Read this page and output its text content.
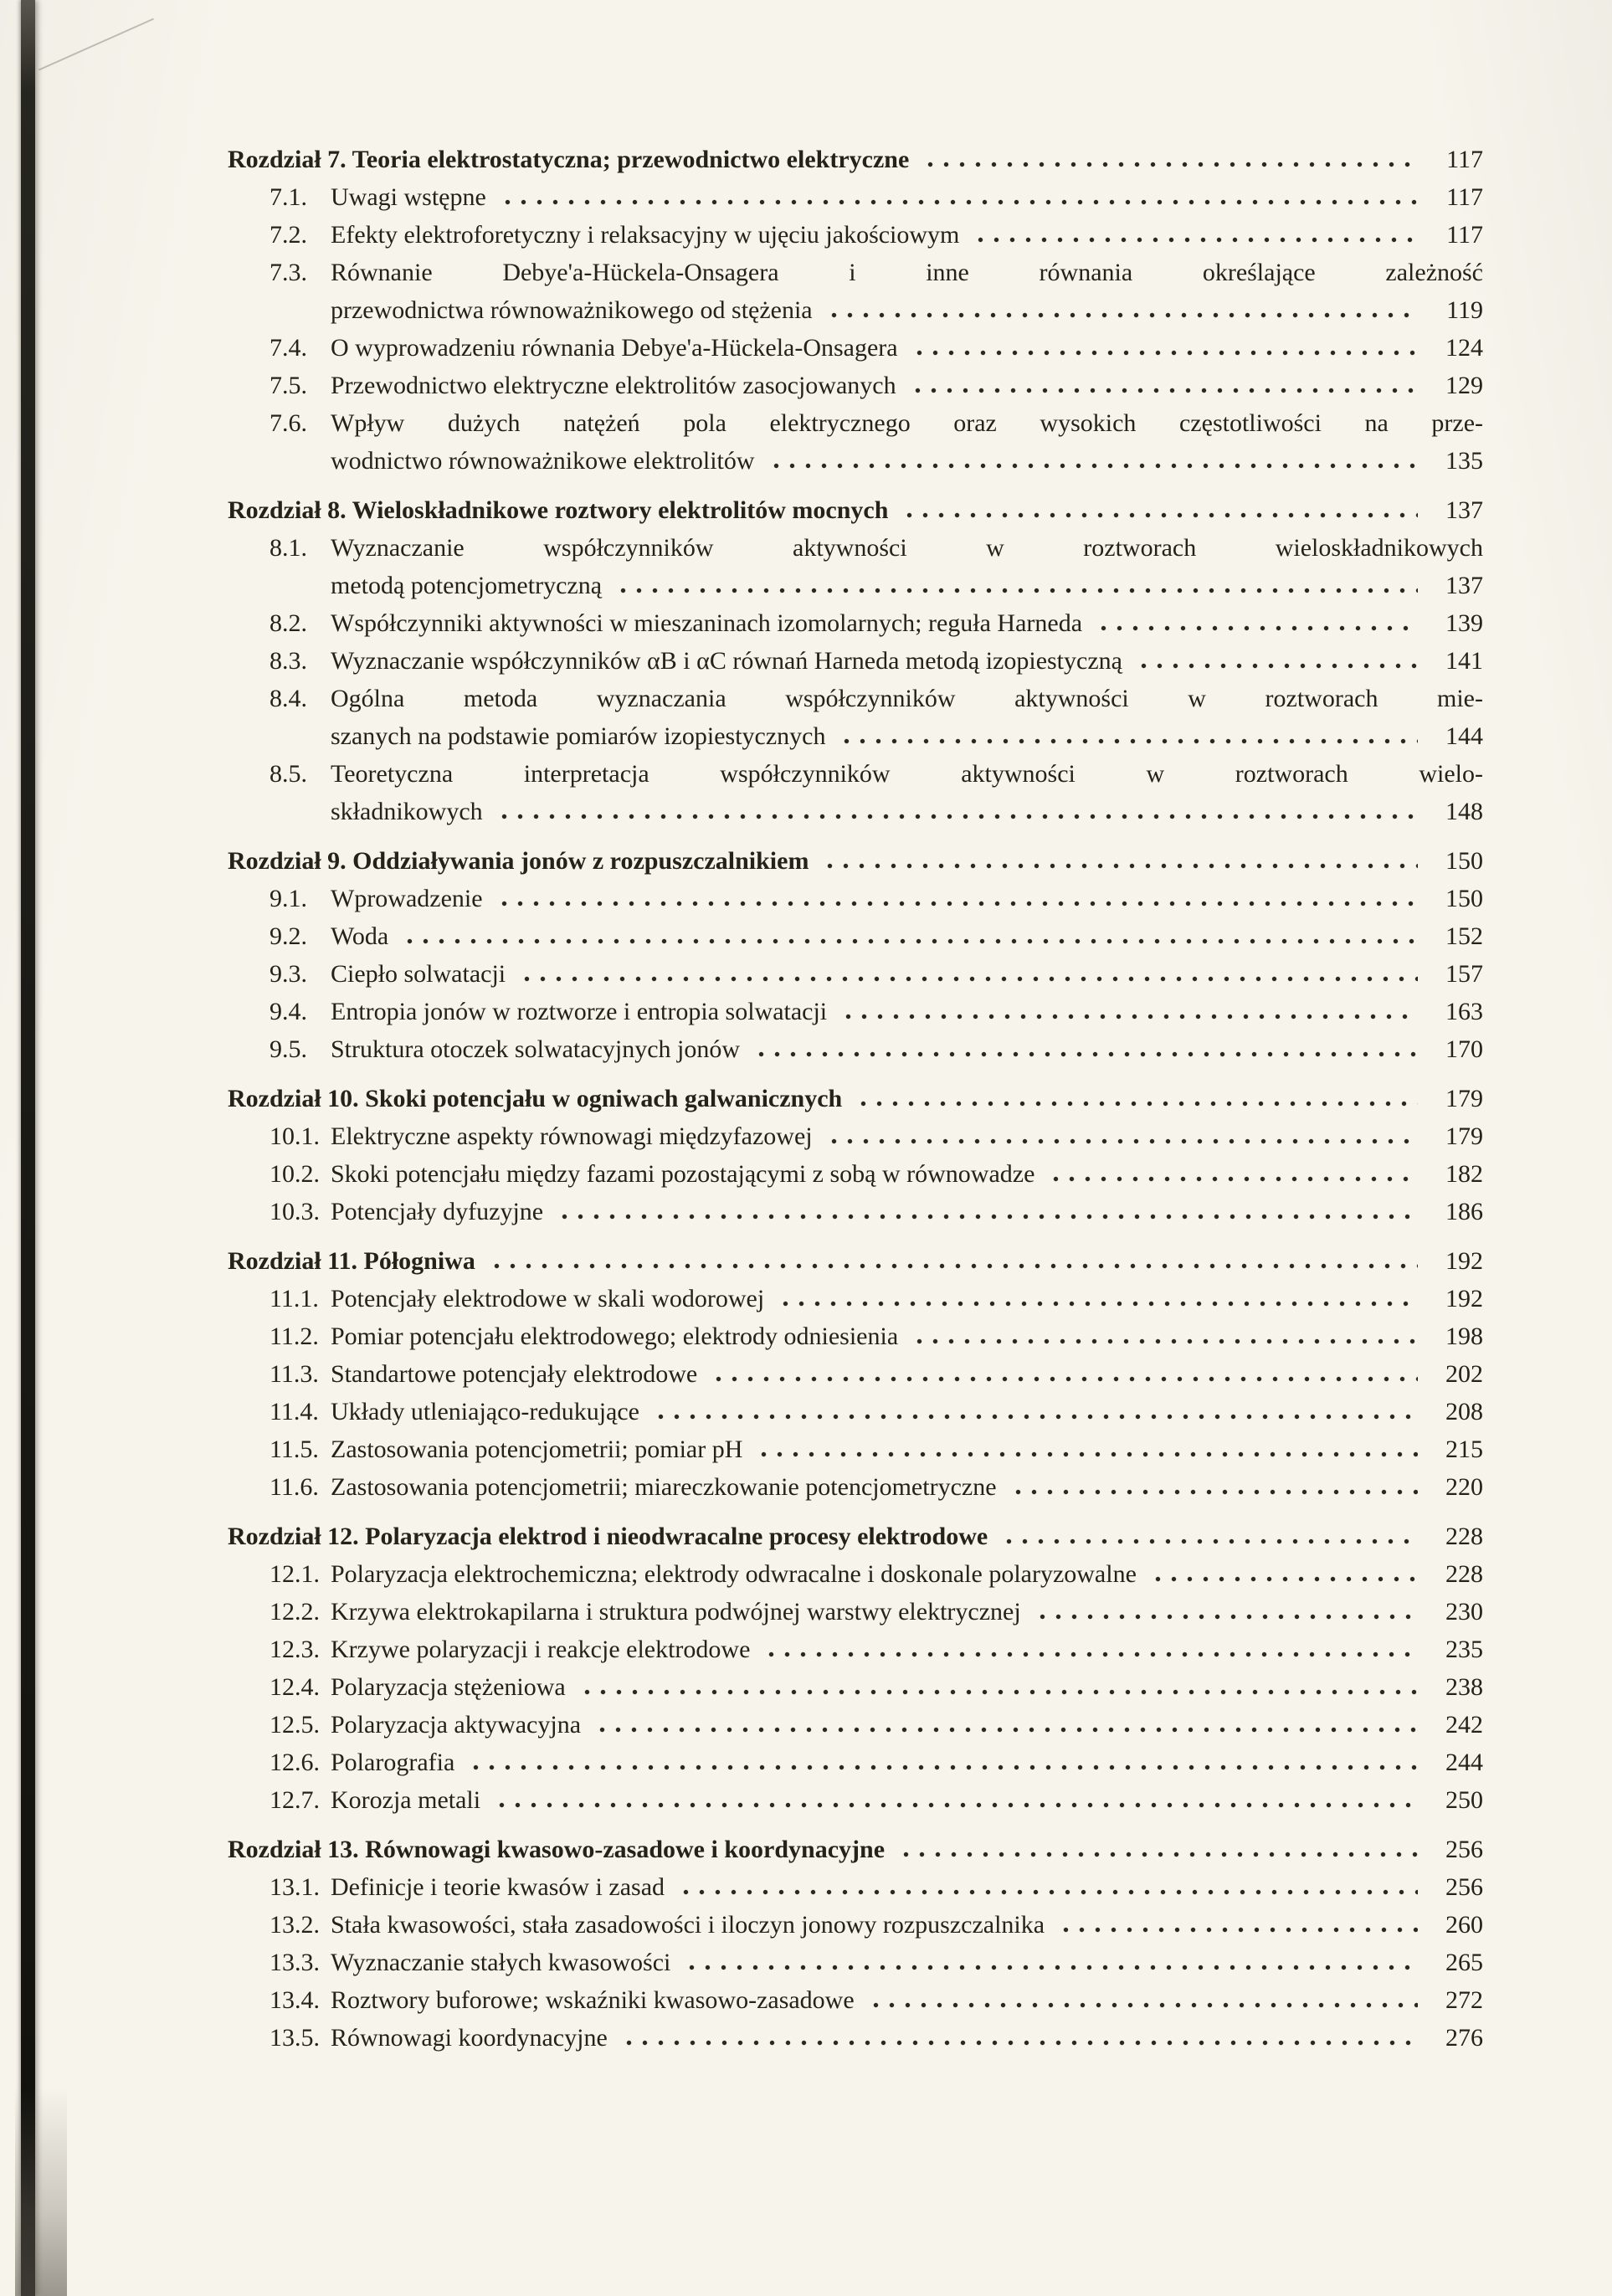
Rozdział 7. Teoria elektrostatyczna; przewodnictwo elektryczne	117
7.1. Uwagi wstępne	117
7.2. Efekty elektroforetyczny i relaksacyjny w ujęciu jakościowym	117
7.3. Równanie Debye'a-Hückela-Onsagera i inne równania określające zależność
przewodnictwa równoważnikowego od stężenia	119
7.4. O wyprowadzeniu równania Debye'a-Hückela-Onsagera	124
7.5. Przewodnictwo elektryczne elektrolitów zasocjowanych	129
7.6. Wpływ dużych natężeń pola elektrycznego oraz wysokich częstotliwości na prze-
wodnictwo równoważnikowe elektrolitów	135
Rozdział 8. Wieloskładnikowe roztwory elektrolitów mocnych	137
8.1. Wyznaczanie współczynników aktywności w roztworach wieloskładnikowych
metodą potencjometryczną	137
8.2. Współczynniki aktywności w mieszaninach izomolarnych; reguła Harneda	139
8.3. Wyznaczanie współczynników αB i αC równań Harneda metodą izopiestyczną	141
8.4. Ogólna metoda wyznaczania współczynników aktywności w roztworach mie-
szanych na podstawie pomiarów izopiestycznych	144
8.5. Teoretyczna interpretacja współczynników aktywności w roztworach wielo-
składnikowych	148
Rozdział 9. Oddziaływania jonów z rozpuszczalnikiem	150
9.1. Wprowadzenie	150
9.2. Woda	152
9.3. Ciepło solwatacji	157
9.4. Entropia jonów w roztworze i entropia solwatacji	163
9.5. Struktura otoczek solwatacyjnych jonów	170
Rozdział 10. Skoki potencjału w ogniwach galwanicznych	179
10.1. Elektryczne aspekty równowagi międzyfazowej	179
10.2. Skoki potencjału między fazami pozostającymi z sobą w równowadze	182
10.3. Potencjały dyfuzyjne	186
Rozdział 11. Półogniwa	192
11.1. Potencjały elektrodowe w skali wodorowej	192
11.2. Pomiar potencjału elektrodowego; elektrody odniesienia	198
11.3. Standartowe potencjały elektrodowe	202
11.4. Układy utleniająco-redukujące	208
11.5. Zastosowania potencjometrii; pomiar pH	215
11.6. Zastosowania potencjometrii; miareczkowanie potencjometryczne	220
Rozdział 12. Polaryzacja elektrod i nieodwracalne procesy elektrodowe	228
12.1. Polaryzacja elektrochemiczna; elektrody odwracalne i doskonale polaryzowalne	228
12.2. Krzywa elektrokapilarna i struktura podwójnej warstwy elektrycznej	230
12.3. Krzywe polaryzacji i reakcje elektrodowe	235
12.4. Polaryzacja stężeniowa	238
12.5. Polaryzacja aktywacyjna	242
12.6. Polarografia	244
12.7. Korozja metali	250
Rozdział 13. Równowagi kwasowo-zasadowe i koordynacyjne	256
13.1. Definicje i teorie kwasów i zasad	256
13.2. Stała kwasowości, stała zasadowości i iloczyn jonowy rozpuszczalnika	260
13.3. Wyznaczanie stałych kwasowości	265
13.4. Roztwory buforowe; wskaźniki kwasowo-zasadowe	272
13.5. Równowagi koordynacyjne	276
